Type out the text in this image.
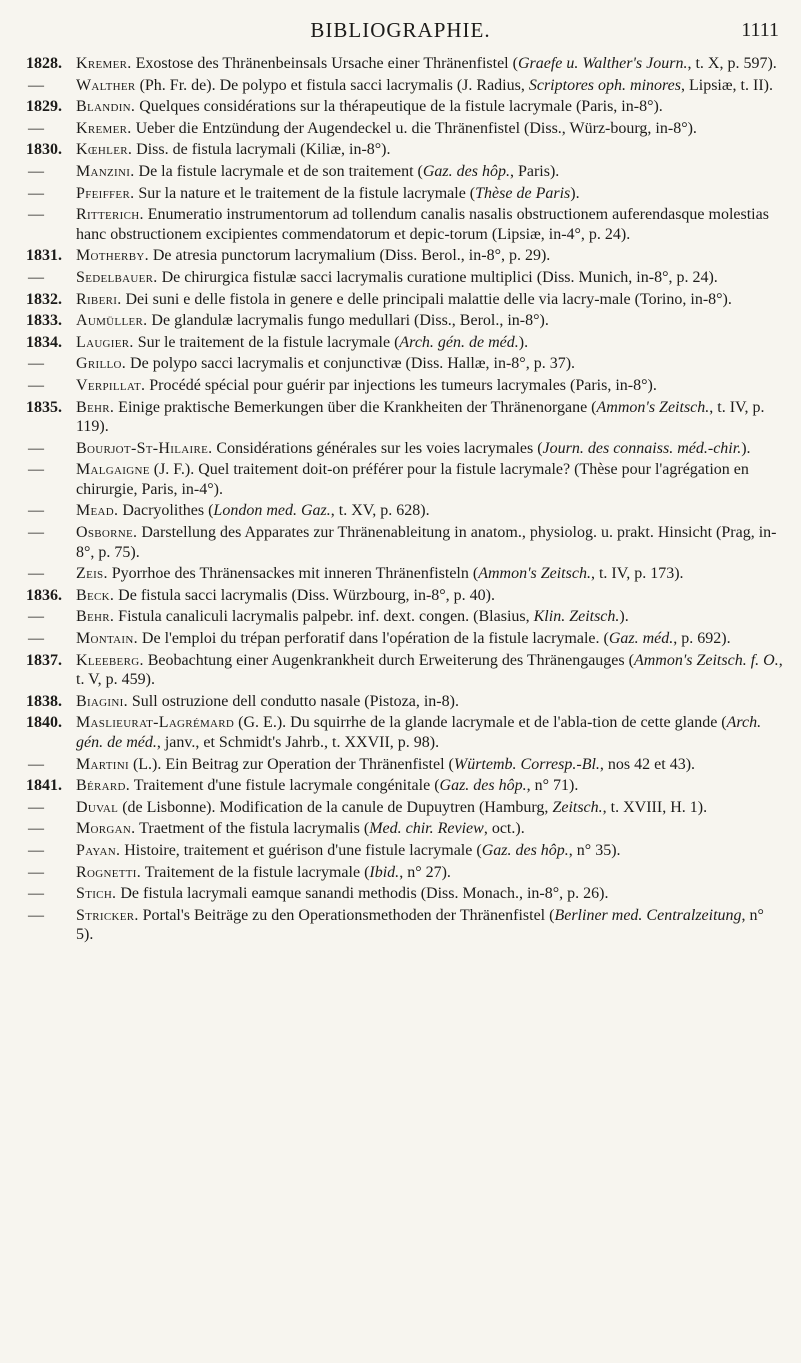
BIBLIOGRAPHIE.	1111
1828. Kremer. Exostose des Thränenbeinsals Ursache einer Thränenfistel (Graefe u. Walther's Journ., t. X, p. 597).
— Walther (Ph. Fr. de). De polypo et fistula sacci lacrymalis (J. Radius, Scriptores oph. minores, Lipsiæ, t. II).
1829. Blandin. Quelques considérations sur la thérapeutique de la fistule lacrymale (Paris, in-8°).
— Kremer. Ueber die Entzündung der Augendeckel u. die Thränenfistel (Diss., Würz-bourg, in-8°).
1830. Kœhler. Diss. de fistula lacrymali (Kiliæ, in-8°).
— Manzini. De la fistule lacrymale et de son traitement (Gaz. des hôp., Paris).
— Pfeiffer. Sur la nature et le traitement de la fistule lacrymale (Thèse de Paris).
— Ritterich. Enumeratio instrumentorum ad tollendum canalis nasalis obstructionem auferendasque molestias hanc obstructionem excipientes commendatorum et depic-torum (Lipsiæ, in-4°, p. 24).
1831. Motherby. De atresia punctorum lacrymalium (Diss. Berol., in-8°, p. 29).
— Sedelbauer. De chirurgica fistulæ sacci lacrymalis curatione multiplici (Diss. Munich, in-8°, p. 24).
1832. Riberi. Dei suni e delle fistola in genere e delle principali malattie delle via lacry-male (Torino, in-8°).
1833. Aumüller. De glandulæ lacrymalis fungo medullari (Diss., Berol., in-8°).
1834. Laugier. Sur le traitement de la fistule lacrymale (Arch. gén. de méd.).
— Grillo. De polypo sacci lacrymalis et conjunctivæ (Diss. Hallæ, in-8°, p. 37).
— Verpillat. Procédé spécial pour guérir par injections les tumeurs lacrymales (Paris, in-8°).
1835. Behr. Einige praktische Bemerkungen über die Krankheiten der Thränenorgane (Ammon's Zeitsch., t. IV, p. 119).
— Bourjot-St-Hilaire. Considérations générales sur les voies lacrymales (Journ. des connaiss. méd.-chir.).
— Malgaigne (J. F.). Quel traitement doit-on préférer pour la fistule lacrymale? (Thèse pour l'agrégation en chirurgie, Paris, in-4°).
— Mead. Dacryolithes (London med. Gaz., t. XV, p. 628).
— Osborne. Darstellung des Apparates zur Thränenableitung in anatom., physiolog. u. prakt. Hinsicht (Prag, in-8°, p. 75).
— Zeis. Pyorrhoe des Thränensackes mit inneren Thränenfisteln (Ammon's Zeitsch., t. IV, p. 173).
1836. Beck. De fistula sacci lacrymalis (Diss. Würzbourg, in-8°, p. 40).
— Behr. Fistula canaliculi lacrymalis palpebr. inf. dext. congen. (Blasius, Klin. Zeitsch.).
— Montain. De l'emploi du trépan perforatif dans l'opération de la fistule lacrymale. (Gaz. méd., p. 692).
1837. Kleeberg. Beobachtung einer Augenkrankheit durch Erweiterung des Thränengauges (Ammon's Zeitsch. f. O., t. V, p. 459).
1838. Biagini. Sull ostruzione dell condutto nasale (Pistoza, in-8).
1840. Maslieurat-Lagrémard (G. E.). Du squirrhe de la glande lacrymale et de l'abla-tion de cette glande (Arch. gén. de méd., janv., et Schmidt's Jahrb., t. XXVII, p. 98).
— Martini (L.). Ein Beitrag zur Operation der Thränenfistel (Würtemb. Corresp.-Bl., nos 42 et 43).
1841. Bérard. Traitement d'une fistule lacrymale congénitale (Gaz. des hôp., n° 71).
— Duval (de Lisbonne). Modification de la canule de Dupuytren (Hamburg, Zeitsch., t. XVIII, H. 1).
— Morgan. Traetment of the fistula lacrymalis (Med. chir. Review, oct.).
— Payan. Histoire, traitement et guérison d'une fistule lacrymale (Gaz. des hôp., n° 35).
— Rognetti. Traitement de la fistule lacrymale (Ibid., n° 27).
— Stich. De fistula lacrymali eamque sanandi methodis (Diss. Monach., in-8°, p. 26).
— Stricker. Portal's Beiträge zu den Operationsmethoden der Thränenfistel (Berliner med. Centralzeitung, n° 5).
